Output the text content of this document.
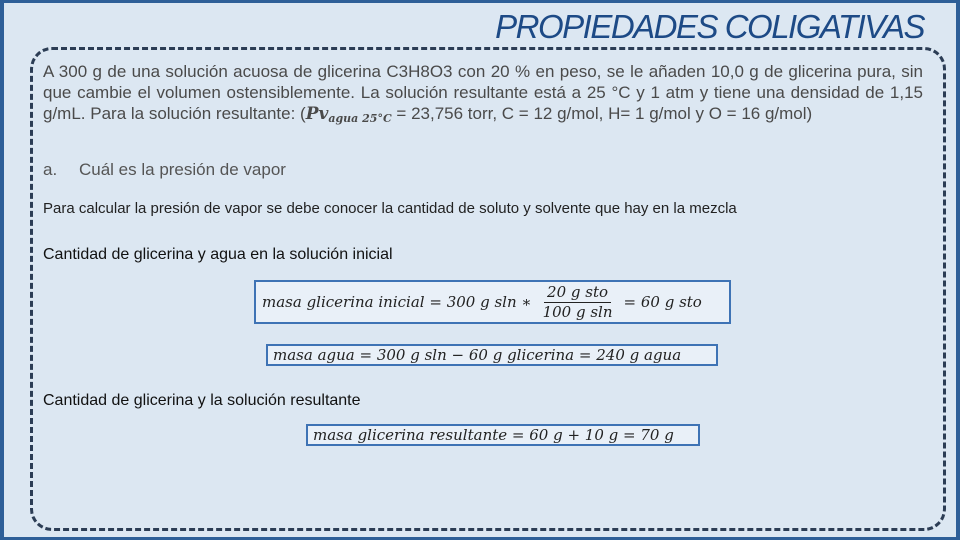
PROPIEDADES COLIGATIVAS

A 300 g de una solución acuosa de glicerina C3H8O3 con 20 % en peso, se le añaden 10,0 g de glicerina pura, sin que cambie el volumen ostensiblemente. La solución resultante está a 25 °C y 1 atm y tiene una densidad de 1,15 g/mL. Para la solución resultante: ($Pv_{agua 25^\circ C} = 23,756$ torr, C = 12 g/mol, H= 1 g/mol y O = 16 g/mol)

a. Cuál es la presión de vapor
Para calcular la presión de vapor se debe conocer la cantidad de soluto y solvente que hay en la mezcla
Cantidad de glicerina y agua en la solución inicial
masa glicerina inicial = 300 g sln ∗ $\frac{\text{20 g sto}}{\text{100 g sln}} = 60$ g sto
masa agua = 300 g sln − 60 g glicerina = 240 g agua
Cantidad de glicerina y la solución resultante
masa glicerina resultante = 60 g + 10 g = 70 g
